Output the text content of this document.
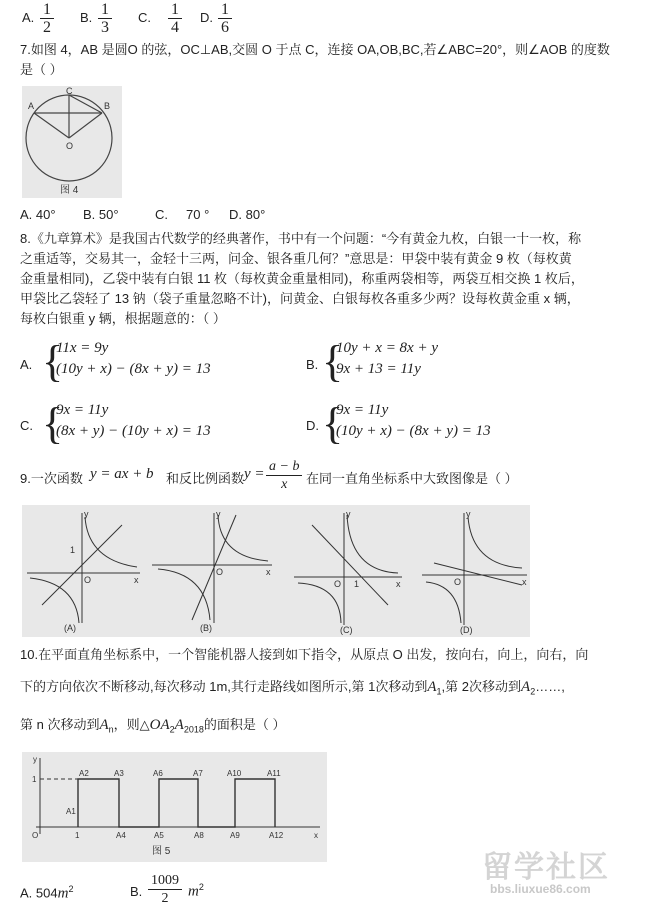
A. $\frac{1}{2} B$. $\frac{1}{3} C$. $\frac{1}{4} D$. $\frac{1}{6}$
7.如图 4，AB 是圆O 的弦，OC⊥AB,交圆 O 于点 C，连接 OA,OB,BC,若∠ABC=20°，则∠AOB 的度数
是（ ）
A	B
C
O
图 4
A. 40° B. 50°	C.     70 ° D. 80°
8.《九章算术》是我国古代数学的经典著作，书中有一个问题：“今有黄金九枚，白银一十一枚，称
之重适等，交易其一，金轻十三两，问金、银各重几何？”意思是：甲袋中装有黄金 9 枚（每枚黄
金重量相同)，乙袋中装有白银 11 枚（每枚黄金重量相同)，称重两袋相等，两袋互相交换 1 枚后，
甲袋比乙袋轻了 13 钠（袋子重量忽略不计)，问黄金、白银每枚各重多少两？设每枚黄金重 x 辆，
每枚白银重 y 辆，根据题意的：（ ）
A. {
11x = 9y
(10y + x) − (8x + y) = 13	B. {
10y + x = 8x + y
9x + 13 = 11y
C. {
9x = 11y
(8x + y) − (10y + x) = 13	D. {
9x = 11y
(10y + x) − (8x + y) = 13
9.一次函数 y = ax + b 和反比例函数 $y = \frac{a - b}{x}$ 在同一直角坐标系中大致图像是（ ）
y
x
O
1
(A)
y
x
O
(B)
y
x
O 1
(C)
y
x
O
(D)
10.在平面直角坐标系中，一个智能机器人接到如下指令，从原点 O 出发，按向右，向上，向右，向
下的方向依次不断移动,每次移动 1m,其行走路线如图所示,第 1次移动到$A_1$,第 2次移动到$A_2\dots\dots$,
第 n 次移动到$A_n$，则$\triangle OA_2A_{2018}$的面积是（ ）
y
x
O
1
1
A1
A2	A3	A6	A7	A10	A11
A4	A5	A8	A9	A12
图 5
A. $504m^2$	B. $\frac{1009}{2} m^2$
留学社区
bbs.liuxue86.com
